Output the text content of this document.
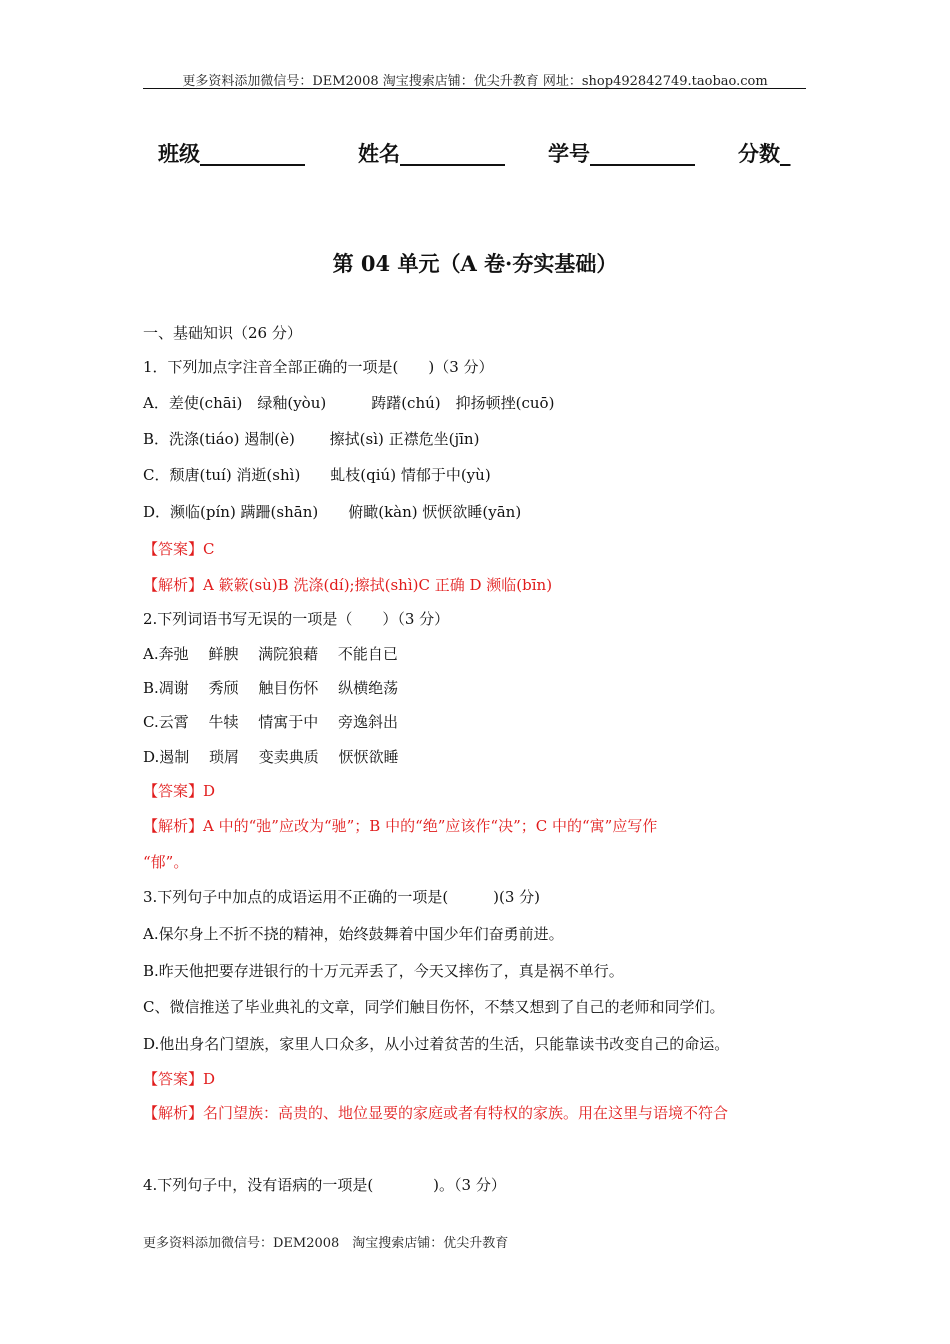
更多资料添加微信号：DEM2008 淘宝搜索店铺：优尖升教育 网址：shop492842749.taobao.com
班级__________	姓名__________ 学号__________ 分数_
第 04 单元（A 卷·夯实基础）
一、基础知识（26 分）
1．下列加点字注音全部正确的一项是(　　)（3 分）
A．差使(chāi)　绿釉(yòu)　　　踌躇(chú)　抑扬顿挫(cuō)
B．洗涤(tiáo) 遏制(è)　　 擦拭(sì) 正襟危坐(jīn)
C．颓唐(tuí) 消逝(shì)　　虬枝(qiú) 情郁于中(yù)
D．濒临(pín) 蹒跚(shān)　　俯瞰(kàn) 恹恹欲睡(yān)
【答案】C
【解析】A 簌簌(sù)B 洗涤(dí);擦拭(shì)C 正确 D 濒临(bīn)
2.下列词语书写无误的一项是（　　）（3 分）
A.奔弛　 鲜腴　 满院狼藉　 不能自已
B.凋谢　 秀颀　 触目伤怀　 纵横绝荡
C.云霄　 牛犊　 情寓于中　 旁逸斜出
D.遏制　 琐屑　 变卖典质　 恹恹欲睡
【答案】D
【解析】A 中的“弛”应改为“驰”；B 中的“绝”应该作“决”；C 中的“寓”应写作
“郁”。
3.下列句子中加点的成语运用不正确的一项是(　　　)(3 分)
A.保尔身上不折不挠的精神，始终鼓舞着中国少年们奋勇前进。
B.昨天他把要存进银行的十万元弄丢了，今天又摔伤了，真是祸不单行。
C、微信推送了毕业典礼的文章，同学们触目伤怀，不禁又想到了自己的老师和同学们。
D.他出身名门望族，家里人口众多，从小过着贫苦的生活，只能靠读书改变自己的命运。
【答案】D
【解析】名门望族：高贵的、地位显要的家庭或者有特权的家族。用在这里与语境不符合
4.下列句子中，没有语病的一项是(　　　　)。（3 分）
更多资料添加微信号：DEM2008　淘宝搜索店铺：优尖升教育
